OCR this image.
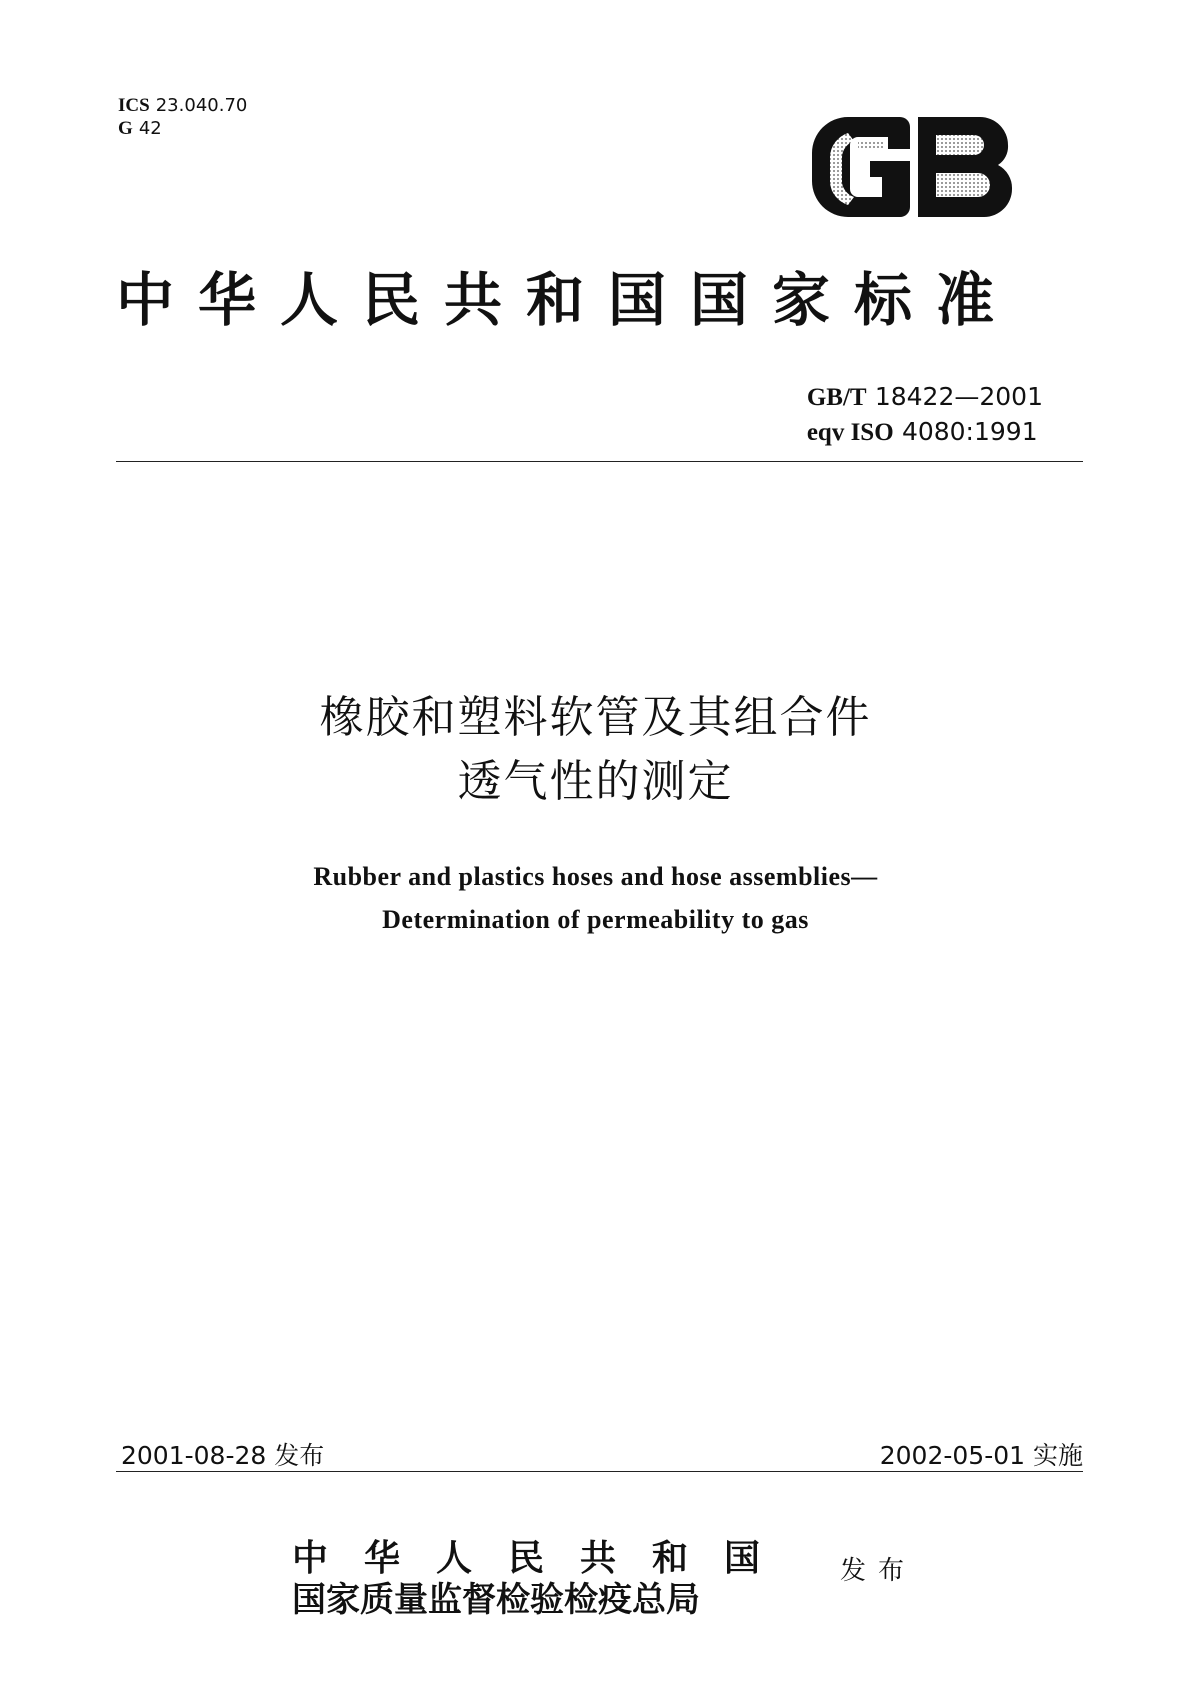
ICS 23.040.70
G 42
中华人民共和国国家标准
GB/T 18422—2001
eqv ISO 4080:1991
橡胶和塑料软管及其组合件
透气性的测定
Rubber and plastics hoses and hose assemblies—
Determination of permeability to gas
2001-08-28 发布	2002-05-01 实施
中华人民共和国
国家质量监督检验检疫总局
发布
